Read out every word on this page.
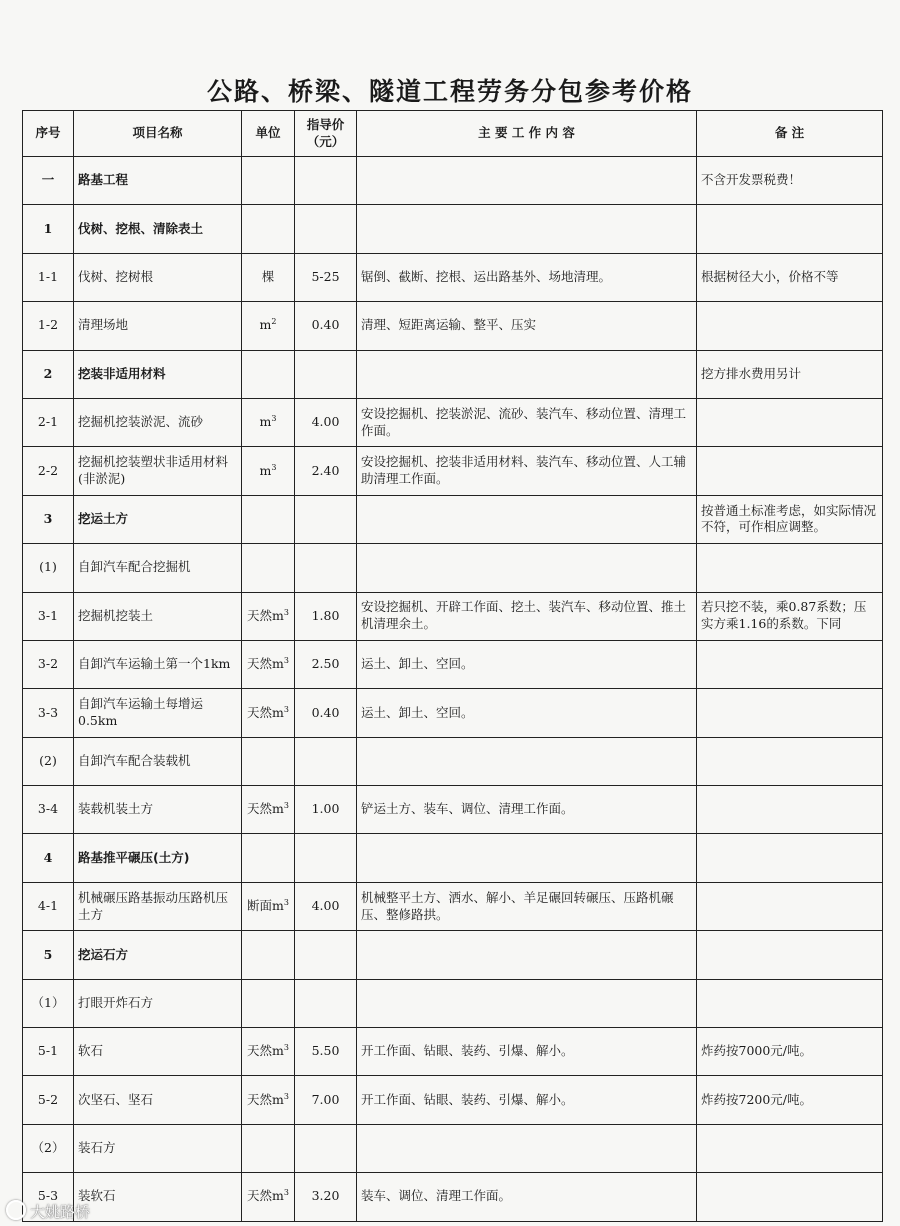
公路、桥梁、隧道工程劳务分包参考价格
序号	项目名称	单位	指导价（元）	主 要 工 作 内 容	备 注
一	路基工程				不含开发票税费！
1	伐树、挖根、清除表土				
1-1	伐树、挖树根	棵	5-25	锯倒、截断、挖根、运出路基外、场地清理。	根据树径大小，价格不等
1-2	清理场地	$m^2$	0.40	清理、短距离运输、整平、压实	
2	挖装非适用材料				挖方排水费用另计
2-1	挖掘机挖装淤泥、流砂	$m^3$	4.00	安设挖掘机、挖装淤泥、流砂、装汽车、移动位置、清理工作面。	
2-2	挖掘机挖装塑状非适用材料(非淤泥)	$m^3$	2.40	安设挖掘机、挖装非适用材料、装汽车、移动位置、人工辅助清理工作面。	
3	挖运土方				按普通土标准考虑，如实际情况不符，可作相应调整。
(1)	自卸汽车配合挖掘机				
3-1	挖掘机挖装土	天然$m^3$	1.80	安设挖掘机、开辟工作面、挖土、装汽车、移动位置、推土机清理余土。	若只挖不装，乘0.87系数；压实方乘1.16的系数。下同
3-2	自卸汽车运输土第一个1km	天然$m^3$	2.50	运土、卸土、空回。	
3-3	自卸汽车运输土每增运0.5km	天然$m^3$	0.40	运土、卸土、空回。	
(2)	自卸汽车配合装载机				
3-4	装载机装土方	天然$m^3$	1.00	铲运土方、装车、调位、清理工作面。	
4	路基推平碾压(土方)				
4-1	机械碾压路基振动压路机压土方	断面$m^3$	4.00	机械整平土方、洒水、解小、羊足碾回转碾压、压路机碾压、整修路拱。	
5	挖运石方				
（1）	打眼开炸石方				
5-1	软石	天然$m^3$	5.50	开工作面、钻眼、装药、引爆、解小。	炸药按7000元/吨。
5-2	次坚石、坚石	天然$m^3$	7.00	开工作面、钻眼、装药、引爆、解小。	炸药按7200元/吨。
（2）	装石方				
5-3	装软石	天然$m^3$	3.20	装车、调位、清理工作面。	
大姚路桥
